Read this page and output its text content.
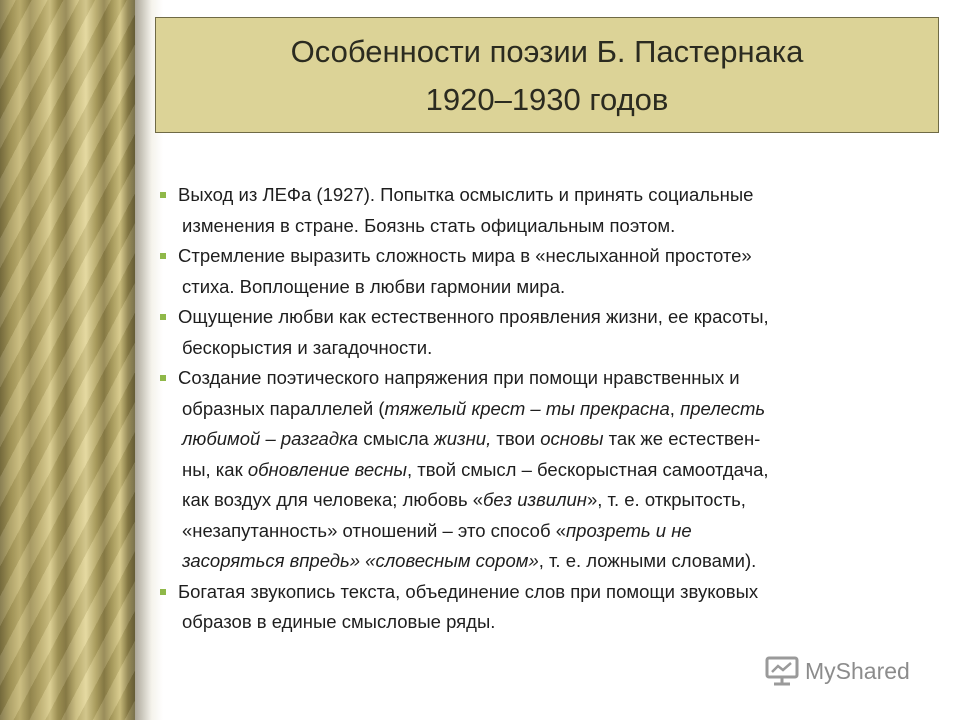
Особенности поэзии Б. Пастернака
1920–1930 годов
Выход из ЛЕФа (1927). Попытка осмыслить и принять социальные
изменения в стране. Боязнь стать официальным поэтом.
Стремление выразить сложность мира в «неслыханной простоте»
стиха. Воплощение в любви гармонии мира.
Ощущение любви как естественного проявления жизни, ее красоты,
бескорыстия и загадочности.
Создание поэтического напряжения при помощи нравственных и
образных параллелей (тяжелый крест – ты прекрасна, прелесть
любимой – разгадка смысла жизни, твои основы так же естествен-
ны, как обновление весны, твой смысл – бескорыстная самоотдача,
как воздух для человека; любовь «без извилин», т. е. открытость,
«незапутанность» отношений – это способ «прозреть и не
засоряться впредь» «словесным сором», т. е. ложными словами).
Богатая звукопись текста, объединение слов при помощи звуковых
образов в единые смысловые ряды.
MyShared
